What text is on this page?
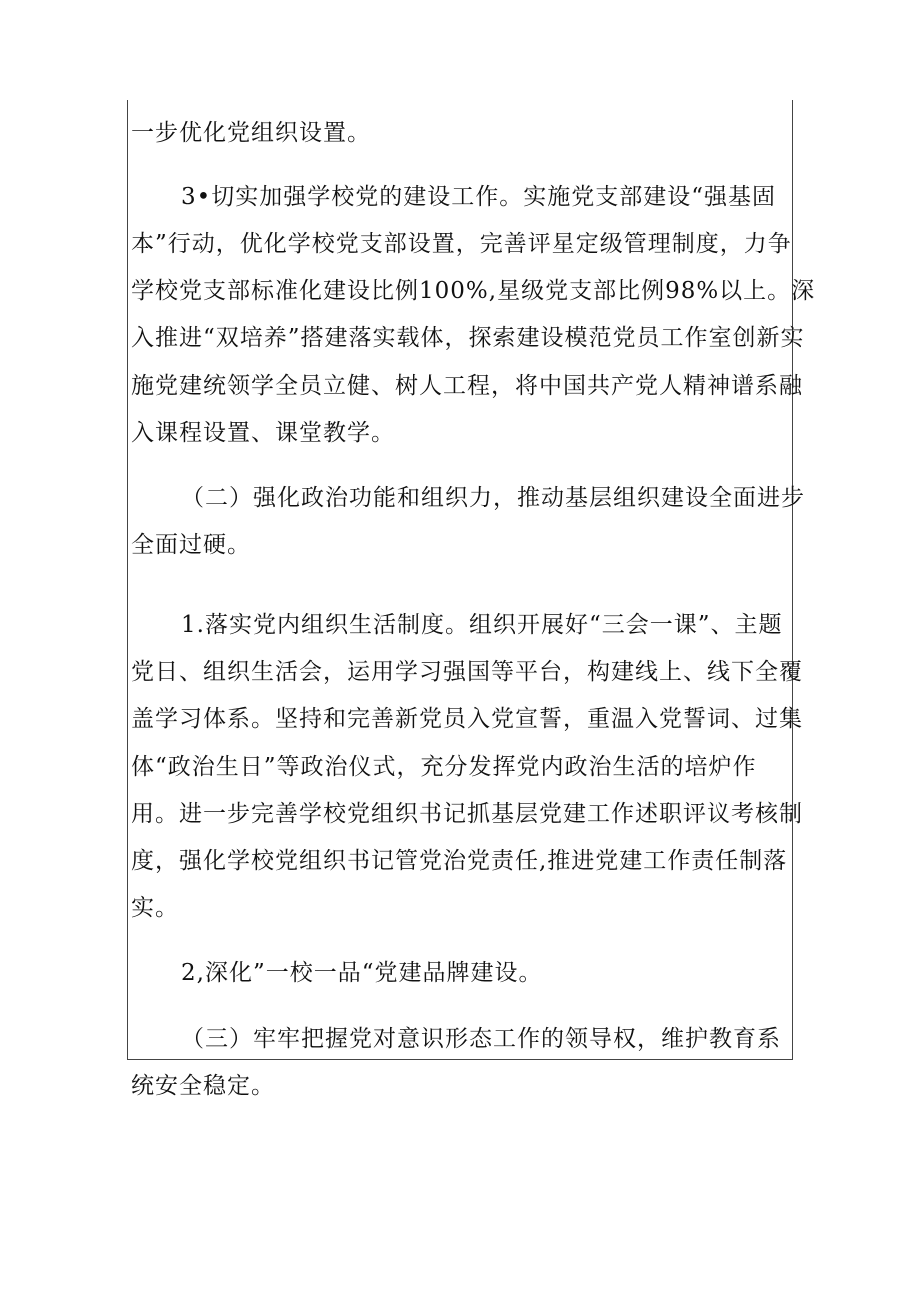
一步优化党组织设置。
3•切实加强学校党的建设工作。实施党支部建设“强基固
本”行动，优化学校党支部设置，完善评星定级管理制度，力争
学校党支部标准化建设比例100%,星级党支部比例98%以上。深
入推进“双培养”搭建落实载体，探索建设模范党员工作室创新实
施党建统领学全员立健、树人工程，将中国共产党人精神谱系融
入课程设置、课堂教学。
（二）强化政治功能和组织力，推动基层组织建设全面进步
全面过硬。
1.落实党内组织生活制度。组织开展好“三会一课”、主题
党日、组织生活会，运用学习强国等平台，构建线上、线下全覆
盖学习体系。坚持和完善新党员入党宣誓，重温入党誓词、过集
体“政治生日”等政治仪式，充分发挥党内政治生活的培炉作
用。进一步完善学校党组织书记抓基层党建工作述职评议考核制
度，强化学校党组织书记管党治党责任,推进党建工作责任制落
实。
2,深化”一校一品“党建品牌建设。
（三）牢牢把握党对意识形态工作的领导权，维护教育系
统安全稳定。
